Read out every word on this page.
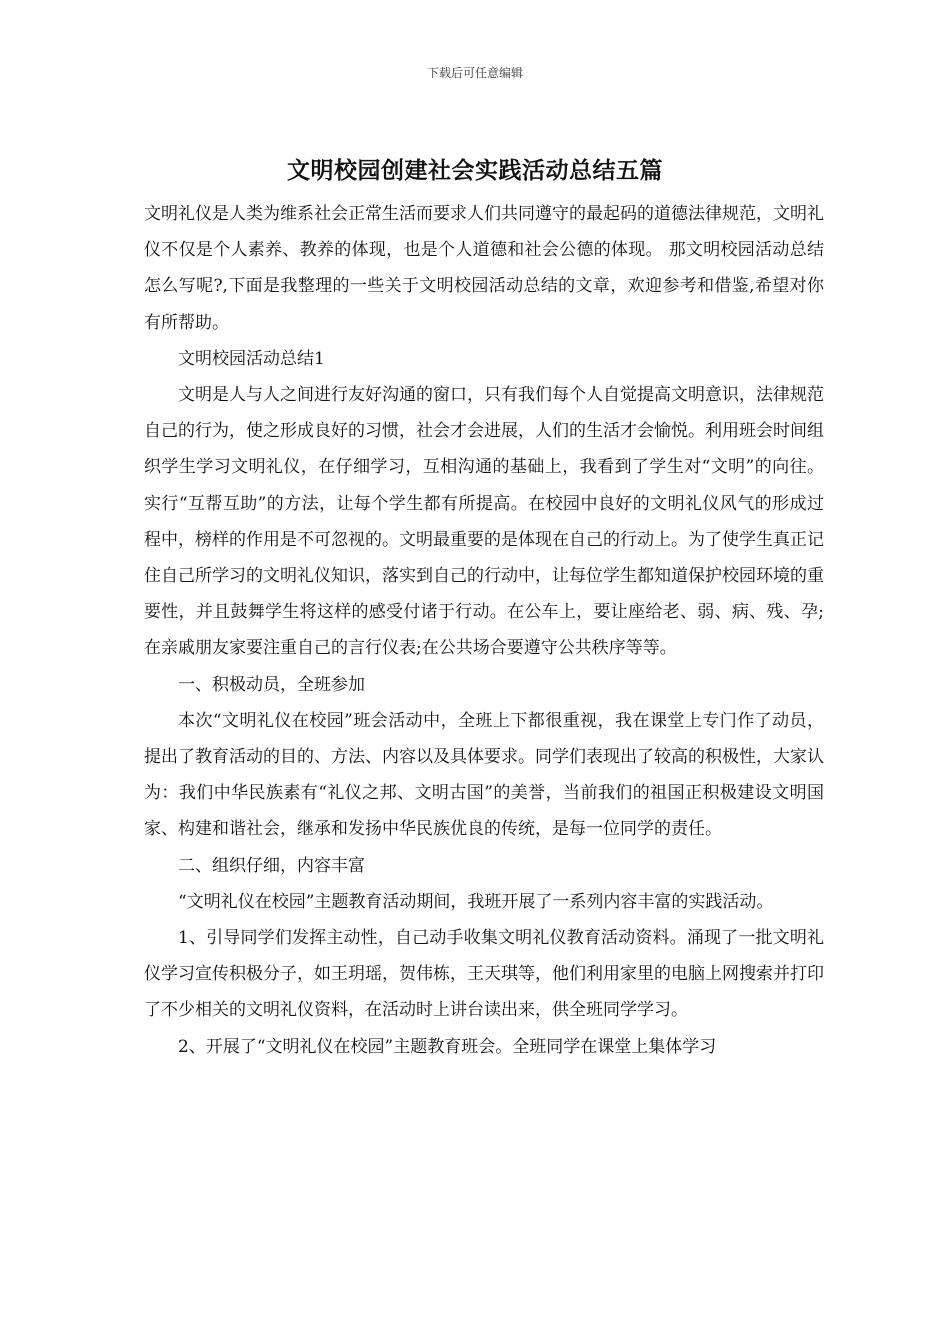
下载后可任意编辑
文明校园创建社会实践活动总结五篇

文明礼仪是人类为维系社会正常生活而要求人们共同遵守的最起码的道德法律规范，文明礼仪不仅是个人素养、教养的体现，也是个人道德和社会公德的体现。 那文明校园活动总结怎么写呢?,下面是我整理的一些关于文明校园活动总结的文章，欢迎参考和借鉴,希望对你有所帮助。

文明校园活动总结1

文明是人与人之间进行友好沟通的窗口，只有我们每个人自觉提高文明意识，法律规范自己的行为，使之形成良好的习惯，社会才会进展，人们的生活才会愉悦。利用班会时间组织学生学习文明礼仪，在仔细学习，互相沟通的基础上，我看到了学生对“文明”的向往。实行“互帮互助”的方法，让每个学生都有所提高。在校园中良好的文明礼仪风气的形成过程中，榜样的作用是不可忽视的。文明最重要的是体现在自己的行动上。为了使学生真正记住自己所学习的文明礼仪知识，落实到自己的行动中，让每位学生都知道保护校园环境的重要性，并且鼓舞学生将这样的感受付诸于行动。在公车上，要让座给老、弱、病、残、孕;在亲戚朋友家要注重自己的言行仪表;在公共场合要遵守公共秩序等等。

一、积极动员，全班参加

本次“文明礼仪在校园”班会活动中，全班上下都很重视，我在课堂上专门作了动员，提出了教育活动的目的、方法、内容以及具体要求。同学们表现出了较高的积极性，大家认为：我们中华民族素有“礼仪之邦、文明古国”的美誉，当前我们的祖国正积极建设文明国家、构建和谐社会，继承和发扬中华民族优良的传统，是每一位同学的责任。

二、组织仔细，内容丰富

“文明礼仪在校园”主题教育活动期间，我班开展了一系列内容丰富的实践活动。

1、引导同学们发挥主动性，自己动手收集文明礼仪教育活动资料。涌现了一批文明礼仪学习宣传积极分子，如王玥瑶，贺伟栋，王天琪等，他们利用家里的电脑上网搜索并打印了不少相关的文明礼仪资料，在活动时上讲台读出来，供全班同学学习。

2、开展了“文明礼仪在校园”主题教育班会。全班同学在课堂上集体学习
